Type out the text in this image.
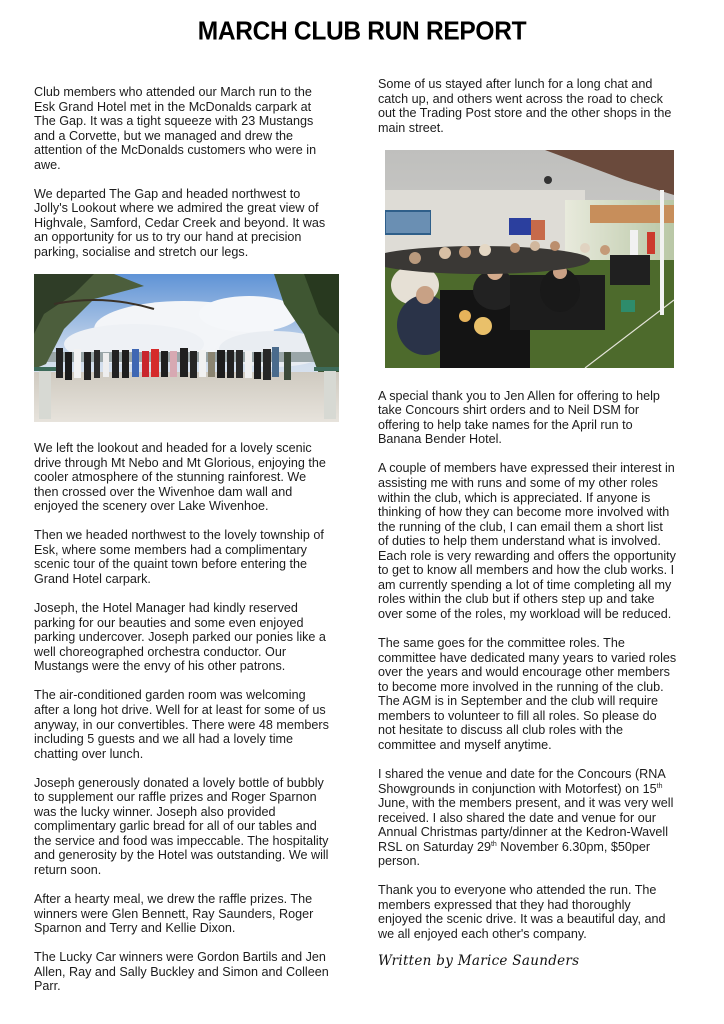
MARCH CLUB RUN REPORT

Club members who attended our March run to the
Esk Grand Hotel met in the McDonalds carpark at
The Gap. It was a tight squeeze with 23 Mustangs
and a Corvette, but we managed and drew the
attention of the McDonalds customers who were in
awe.

We departed The Gap and headed northwest to
Jolly's Lookout where we admired the great view of
Highvale, Samford, Cedar Creek and beyond. It was
an opportunity for us to try our hand at precision
parking, socialise and stretch our legs.

We left the lookout and headed for a lovely scenic
drive through Mt Nebo and Mt Glorious, enjoying the
cooler atmosphere of the stunning rainforest. We
then crossed over the Wivenhoe dam wall and
enjoyed the scenery over Lake Wivenhoe.

Then we headed northwest to the lovely township of
Esk, where some members had a complimentary
scenic tour of the quaint town before entering the
Grand Hotel carpark.

Joseph, the Hotel Manager had kindly reserved
parking for our beauties and some even enjoyed
parking undercover. Joseph parked our ponies like a
well choreographed orchestra conductor. Our
Mustangs were the envy of his other patrons.

The air-conditioned garden room was welcoming
after a long hot drive. Well for at least for some of us
anyway, in our convertibles. There were 48 members
including 5 guests and we all had a lovely time
chatting over lunch.

Joseph generously donated a lovely bottle of bubbly
to supplement our raffle prizes and Roger Sparnon
was the lucky winner. Joseph also provided
complimentary garlic bread for all of our tables and
the service and food was impeccable. The hospitality
and generosity by the Hotel was outstanding. We will
return soon.

After a hearty meal, we drew the raffle prizes. The
winners were Glen Bennett, Ray Saunders, Roger
Sparnon and Terry and Kellie Dixon.

The Lucky Car winners were Gordon Bartils and Jen
Allen, Ray and Sally Buckley and Simon and Colleen
Parr.

Some of us stayed after lunch for a long chat and
catch up, and others went across the road to check
out the Trading Post store and the other shops in the
main street.

A special thank you to Jen Allen for offering to help
take Concours shirt orders and to Neil DSM for
offering to help take names for the April run to
Banana Bender Hotel.

A couple of members have expressed their interest in
assisting me with runs and some of my other roles
within the club, which is appreciated. If anyone is
thinking of how they can become more involved with
the running of the club, I can email them a short list
of duties to help them understand what is involved.
Each role is very rewarding and offers the opportunity
to get to know all members and how the club works. I
am currently spending a lot of time completing all my
roles within the club but if others step up and take
over some of the roles, my workload will be reduced.

The same goes for the committee roles. The
committee have dedicated many years to varied roles
over the years and would encourage other members
to become more involved in the running of the club.
The AGM is in September and the club will require
members to volunteer to fill all roles. So please do
not hesitate to discuss all club roles with the
committee and myself anytime.

I shared the venue and date for the Concours (RNA
Showgrounds in conjunction with Motorfest) on 15th
June, with the members present, and it was very well
received. I also shared the date and venue for our
Annual Christmas party/dinner at the Kedron-Wavell
RSL on Saturday 29th November 6.30pm, $50per
person.

Thank you to everyone who attended the run. The
members expressed that they had thoroughly
enjoyed the scenic drive. It was a beautiful day, and
we all enjoyed each other's company.

Written by Marice Saunders
